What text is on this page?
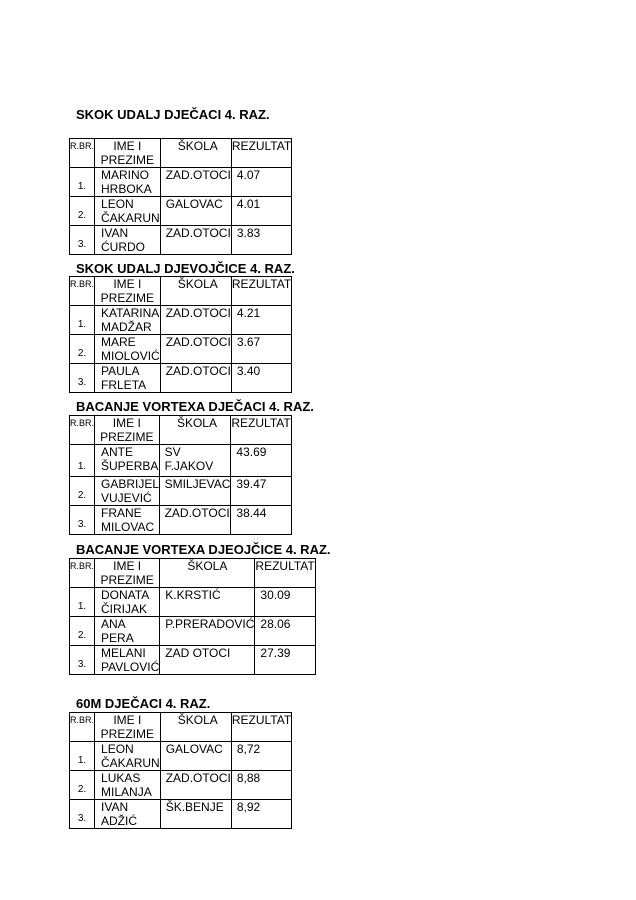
SKOK UDALJ DJEČACI 4. RAZ.
R.BR.	IME I PREZIME	ŠKOLA	REZULTAT
1.	MARINO HRBOKA	ZAD.OTOCI	4.07
2.	LEON ČAKARUN	GALOVAC	4.01
3.	IVAN ĆURDO	ZAD.OTOCI	3.83
SKOK UDALJ DJEVOJČICE 4. RAZ.
R.BR.	IME I PREZIME	ŠKOLA	REZULTAT
1.	KATARINA MADŽAR	ZAD.OTOCI	4.21
2.	MARE MIOLOVIĆ	ZAD.OTOCI	3.67
3.	PAULA FRLETA	ZAD.OTOCI	3.40
BACANJE VORTEXA DJEČACI 4. RAZ.
R.BR.	IME I PREZIME	ŠKOLA	REZULTAT
1.	ANTE ŠUPERBA	SV F.JAKOV	43.69
2.	GABRIJEL VUJEVIĆ	SMILJEVAC	39.47
3.	FRANE MILOVAC	ZAD.OTOCI	38.44
BACANJE VORTEXA DJEOJČICE 4. RAZ.
R.BR.	IME I PREZIME	ŠKOLA	REZULTAT
1.	DONATA ČIRIJAK	K.KRSTIĆ	30.09
2.	ANA PERA	P.PRERADOVIĆ	28.06
3.	MELANI PAVLOVIĆ	ZAD OTOCI	27.39
60M DJEČACI 4. RAZ.
R.BR.	IME I PREZIME	ŠKOLA	REZULTAT
1.	LEON ČAKARUN	GALOVAC	8,72
2.	LUKAS MILANJA	ZAD.OTOCI	8,88
3.	IVAN ADŽIĆ	ŠK.BENJE	8,92
